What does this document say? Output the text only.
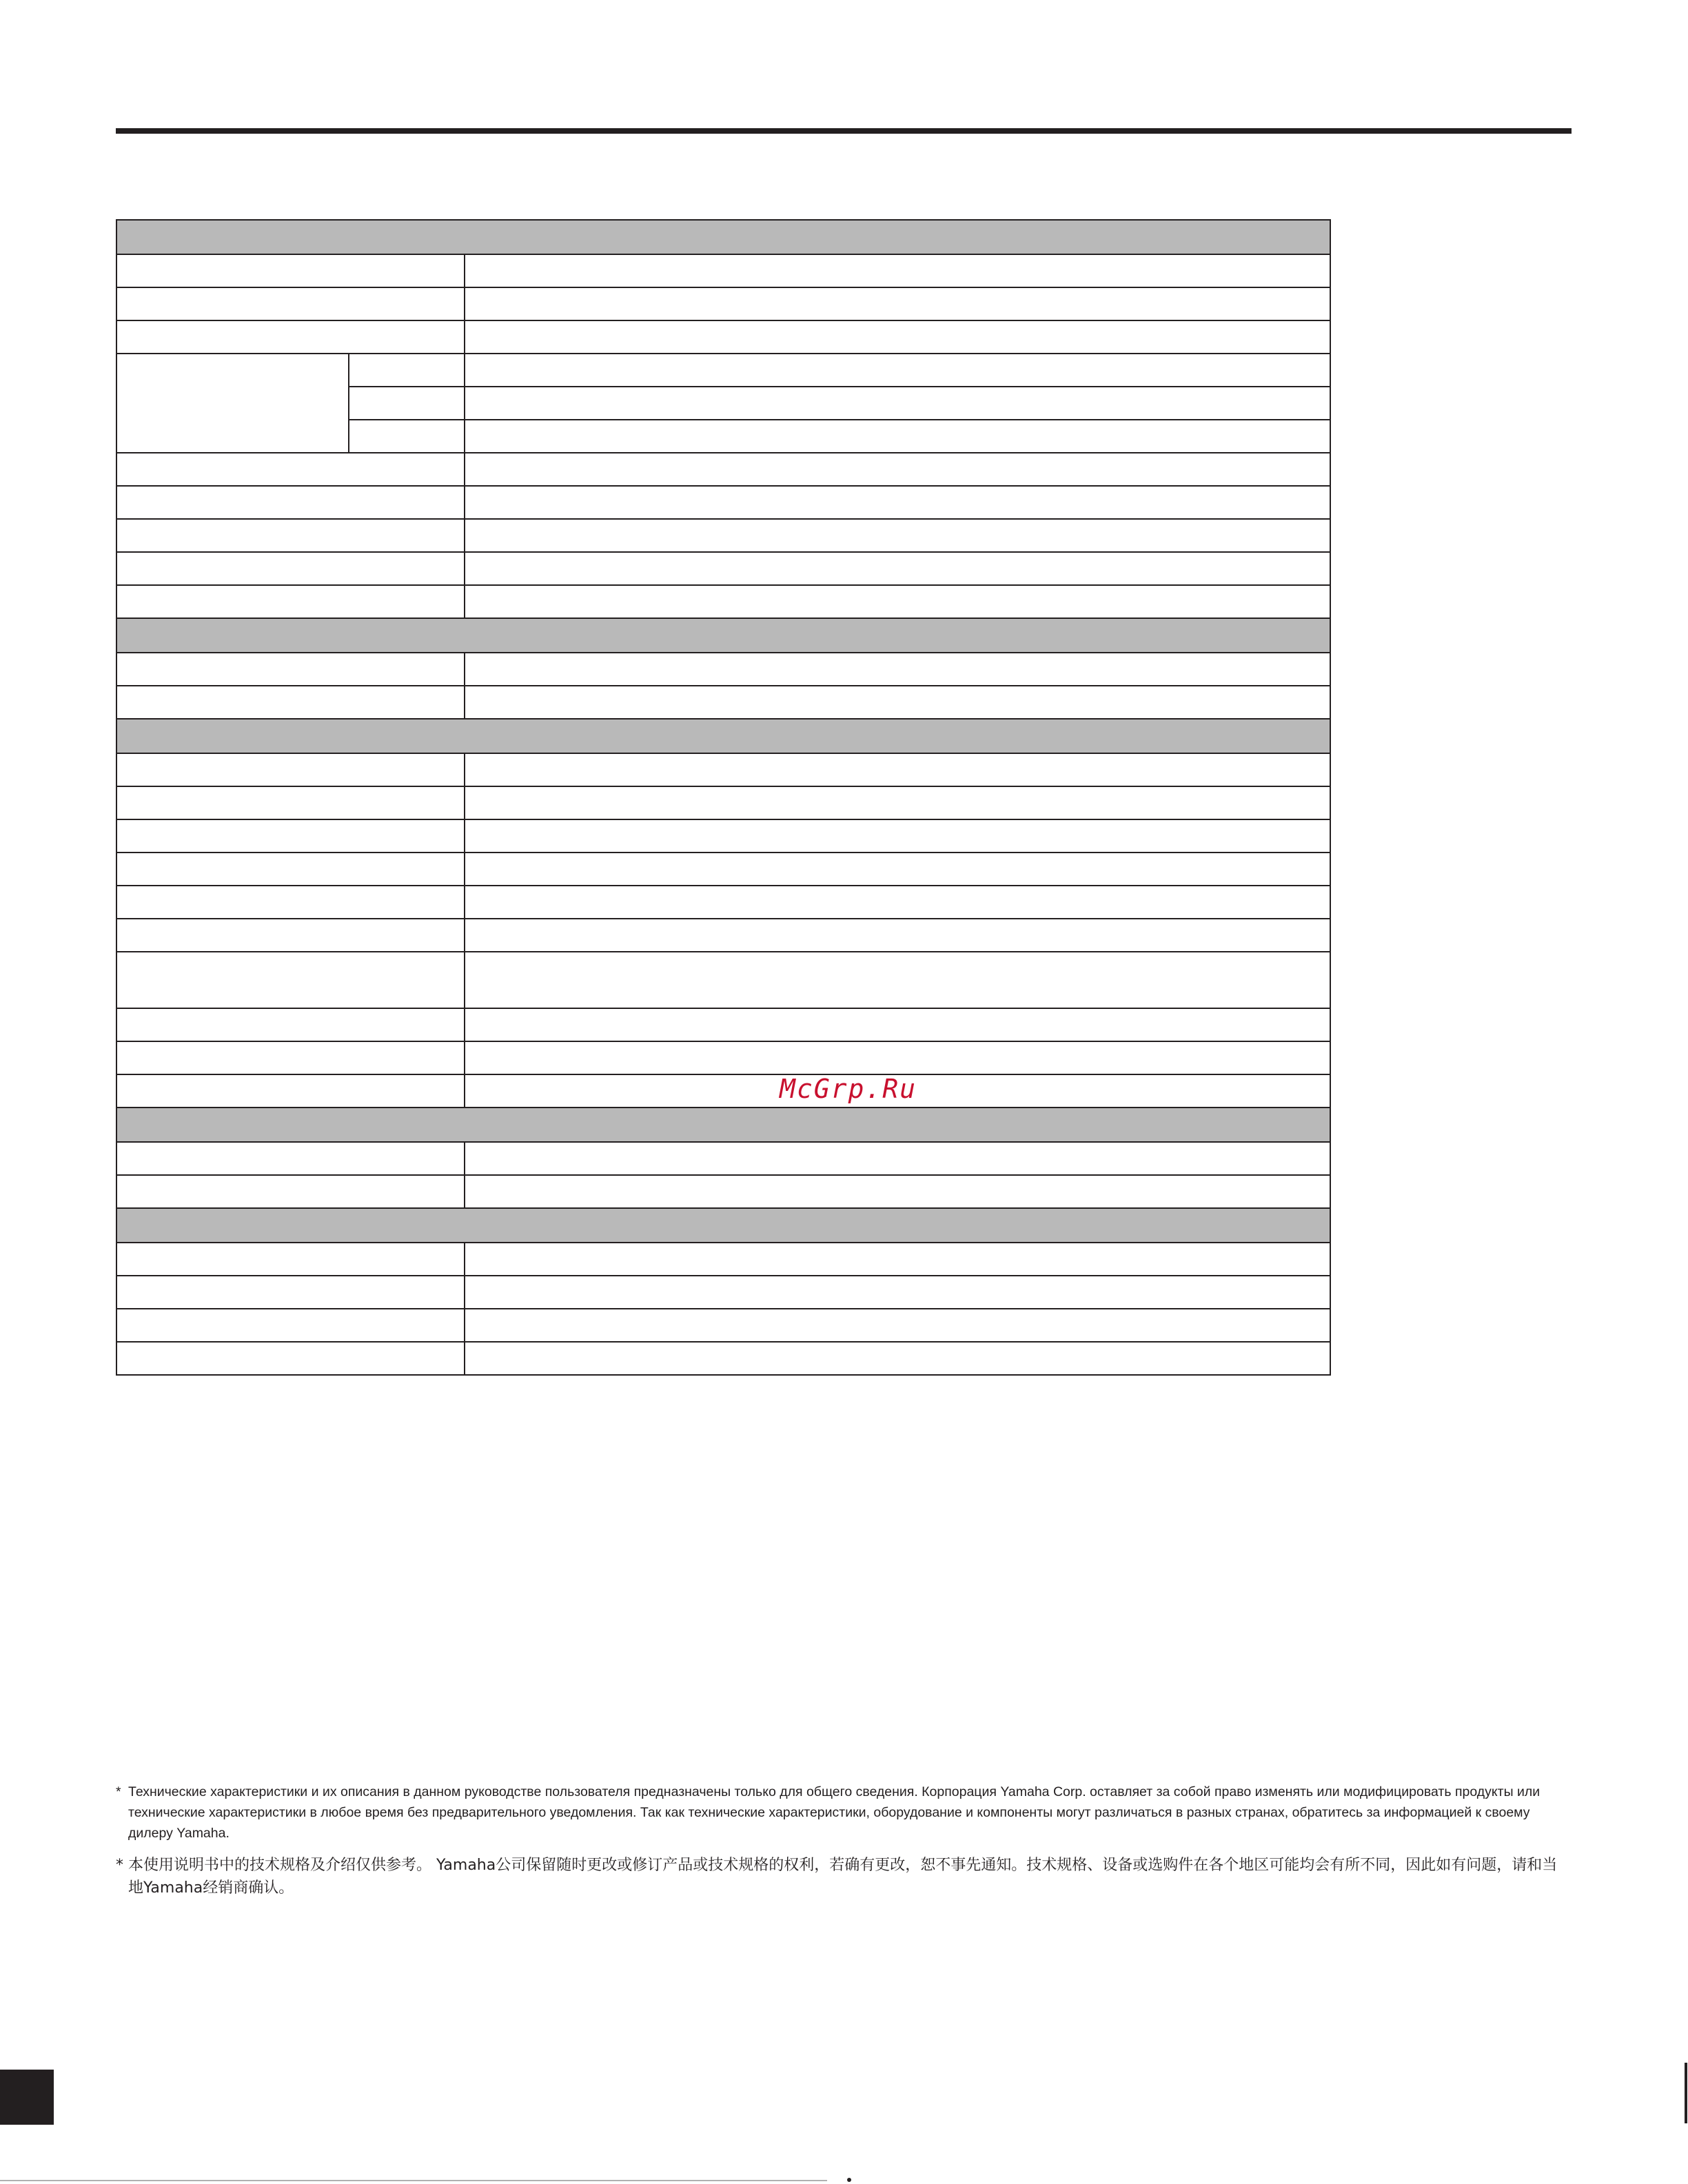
McGrp.Ru
* Технические характеристики и их описания в данном руководстве пользователя предназначены только для общего сведения. Корпорация Yamaha Corp. оставляет за собой право изменять или модифицировать продукты или технические характеристики в любое время без предварительного уведомления. Так как технические характеристики, оборудование и компоненты могут различаться в разных странах, обратитесь за информацией к своему дилеру Yamaha.
* 本使用说明书中的技术规格及介绍仅供参考。 Yamaha公司保留随时更改或修订产品或技术规格的权利，若确有更改，恕不事先通知。技术规格、设备或选购件在各个地区可能均会有所不同，因此如有问题，请和当地Yamaha经销商确认。
